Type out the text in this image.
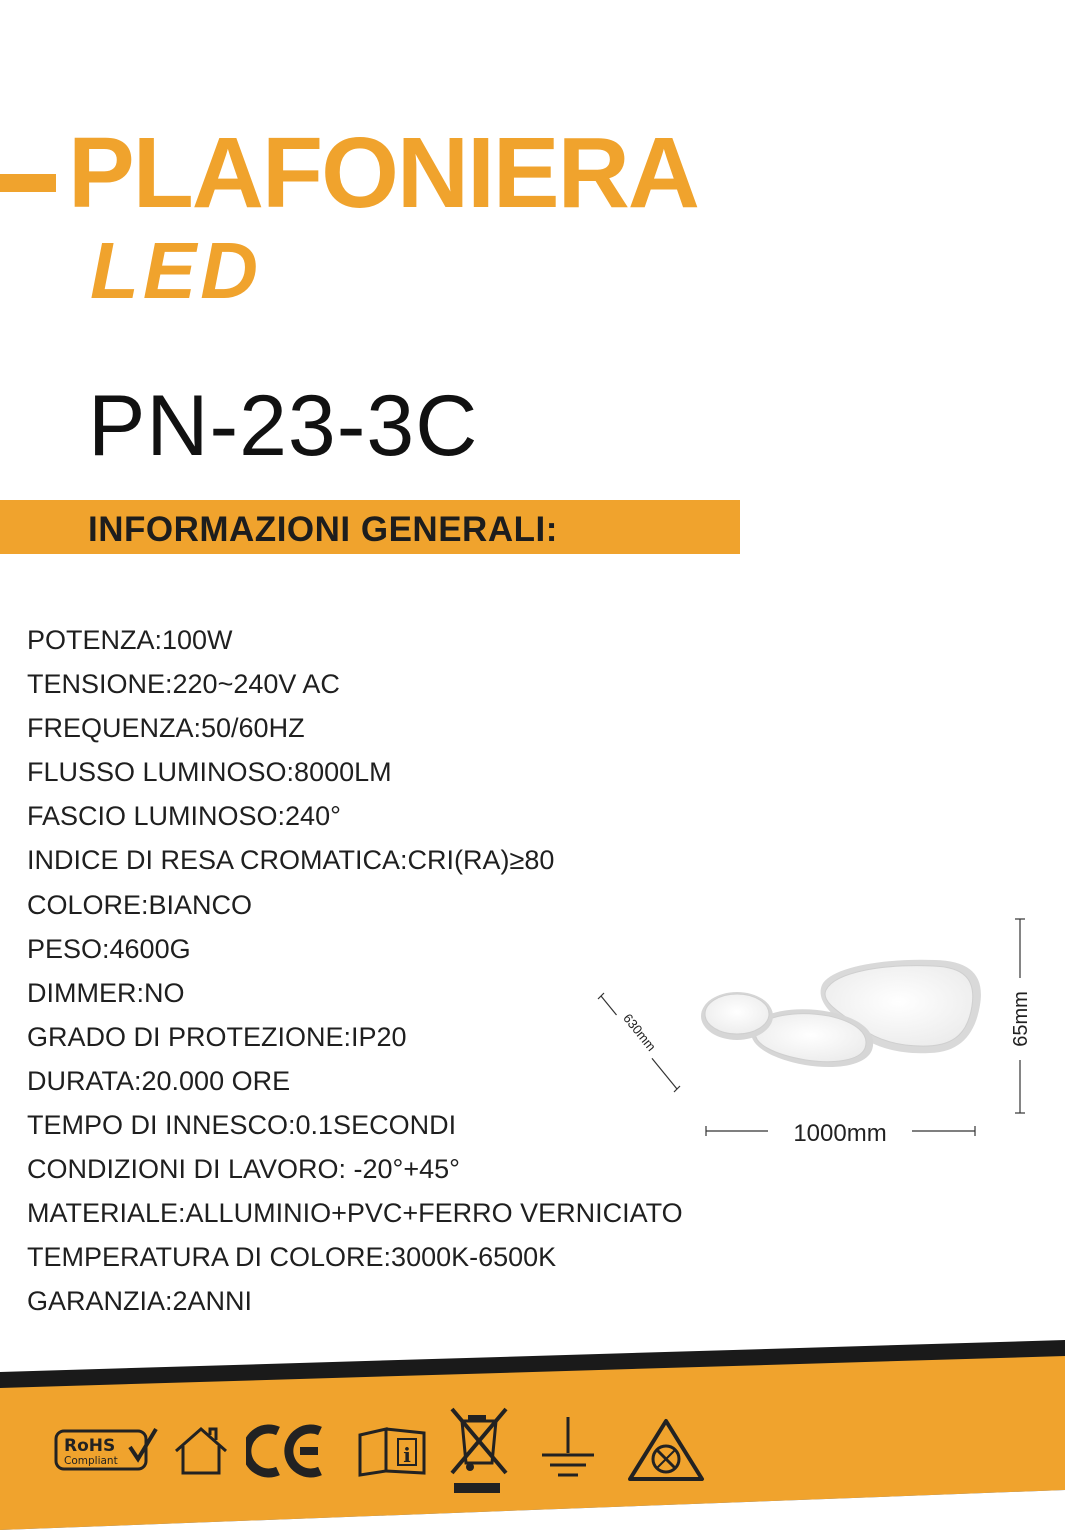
PLAFONIERA
LED
PN-23-3C
INFORMAZIONI GENERALI:
POTENZA:100W
TENSIONE:220~240V AC
FREQUENZA:50/60HZ
FLUSSO LUMINOSO:8000LM
FASCIO LUMINOSO:240°
INDICE DI RESA CROMATICA:CRI(RA)≥80
COLORE:BIANCO
PESO:4600G
DIMMER:NO
GRADO DI PROTEZIONE:IP20
DURATA:20.000 ORE
TEMPO DI INNESCO:0.1SECONDI
CONDIZIONI DI LAVORO: -20°+45°
MATERIALE:ALLUMINIO+PVC+FERRO VERNICIATO
TEMPERATURA DI COLORE:3000K-6500K
GARANZIA:2ANNI
630mm
1000mm
65mm
RoHS
Compliant	i
